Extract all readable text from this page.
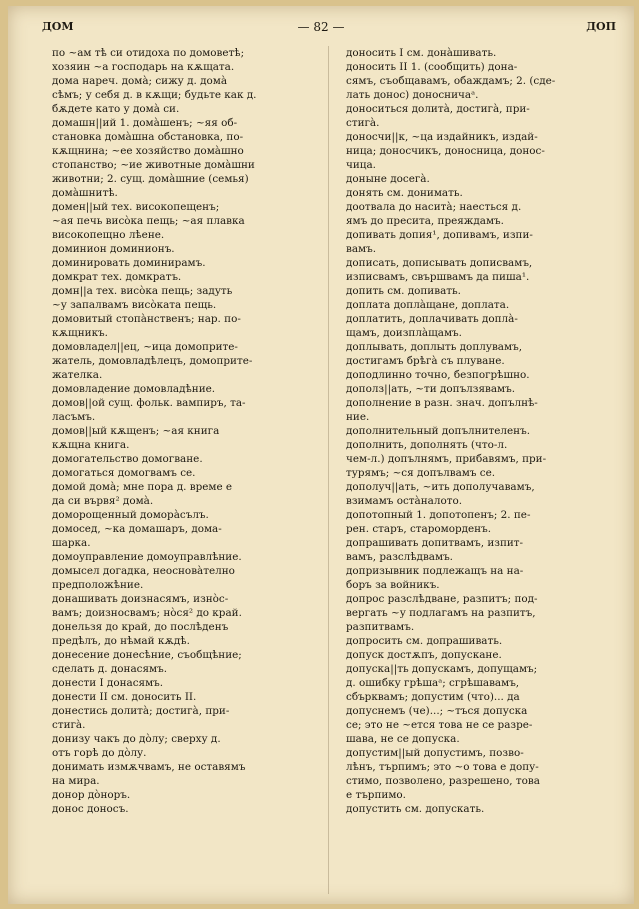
ДОМ	— 82 —	ДОП

по ~ам тѣ си отидоха по домоветѣ;

хозяин ~а господарь на кѫщата.

дома нареч. домà; сижу д. домà

сѣмъ; у себя д. в кѫщи; будьте как д.

бѫдете като у домà си.

домашн||ий 1. домàшенъ; ~яя об-

становка домàшна обстановка, по-

кѫщнина; ~ее хозяйство домàшно

стопанство; ~ие животные домàшни

животни; 2. сущ. домàшние (семья)

домàшнитѣ.

домен||ый тех. високопещенъ;

~ая печь висòка пещь; ~ая плавка

високопещно лѣене.

доминион доминионъ.

доминировать доминирамъ.

домкрат тех. домкратъ.

домн||а тех. висòка пещь; задуть

~у запалвамъ висòката пещь.

домовитый стопàнственъ; нар. по-

кѫщникъ.

домовладел||ец, ~ица домоприте-

жатель, домовладѣлецъ, домоприте-

жателка.

домовладение домовладѣние.

домов||ой сущ. фольк. вампиръ, та-

ласъмъ.

домов||ый кѫщенъ; ~ая книга

кѫщна книга.

домогательство домогване.

домогаться домогвамъ се.

домой домà; мне пора д. време е

да си вървя² домà.

доморощенный доморàсълъ.

домосед, ~ка домашаръ, дома-

шарка.

домоуправление домоуправлѣние.

домысел догадка, неосновàтелно

предположѣние.

донашивать доизнасямъ, изнòс-

вамъ; доизносвамъ; нòся² до край.

донельзя до край, до послѣденъ

предѣлъ, до нѣмай кѫдѣ.

донесение донесѣние, съобщѣние;

сделать д. донасямъ.

донести I донасямъ.

донести II см. доносить II.

донестись долитà; достигà, при-

стигà.

донизу чакъ до дòлу; сверху д.

отъ горѣ до дòлу.

донимать измѫчвамъ, не оставямъ

на мира.

донор дòноръ.

донос доносъ.

доносить I см. донàшивать.

доносить II 1. (сообщить) дона-

сямъ, съобщавамъ, обаждамъ; 2. (сде-

лать донос) доносничаᵃ.

доноситься долитà, достигà, при-

стигà.

доносчи||к, ~ца издайникъ, издай-

ница; доносчикъ, доносница, донос-

чица.

доныне досегà.

донять см. донимать.

доотвала до наситà; наесться д.

ямъ до пресита, преяждамъ.

допивать допия¹, допивамъ, изпи-

вамъ.

дописать, дописывать дописвамъ,

изписвамъ, свършвамъ да пиша¹.

допить см. допивать.

доплата доплàщане, доплата.

доплатить, доплачивать доплà-

щамъ, доизплàщамъ.

доплывать, доплыть доплувамъ,

достигамъ брѣгà съ плуване.

доподлинно точно, безпогрѣшно.

дополз||ать, ~ти допълзявамъ.

дополнение в разн. знач. допълнѣ-

ние.

дополнительный допълнителенъ.

дополнить, дополнять (что-л.

чем-л.) допълнямъ, прибавямъ, при-

турямъ; ~ся допълвамъ се.

дополуч||ать, ~ить дополучавамъ,

взимамъ остàналото.

допотопный 1. допотопенъ; 2. пе-

рен. старъ, староморденъ.

допрашивать допитвамъ, изпит-

вамъ, разслѣдвамъ.

допризывник подлежащъ на на-

боръ за войникъ.

допрос разслѣдване, разпитъ; под-

вергать ~у подлагамъ на разпитъ,

разпитвамъ.

допросить см. допрашивать.

допуск достѫпъ, допускане.

допуска||ть допускамъ, допущамъ;

д. ошибку грѣшаᵃ; сгрѣшавамъ,

сбърквамъ; допустим (что)... да

допуснемъ (че)...; ~тъся допуска

се; это не ~ется това не се разре-

шава, не се допуска.

допустим||ый допустимъ, позво-

лѣнъ, търпимъ; это ~о това е допу-

стимо, позволено, разрешено, това

е търпимо.

допустить см. допускать.
